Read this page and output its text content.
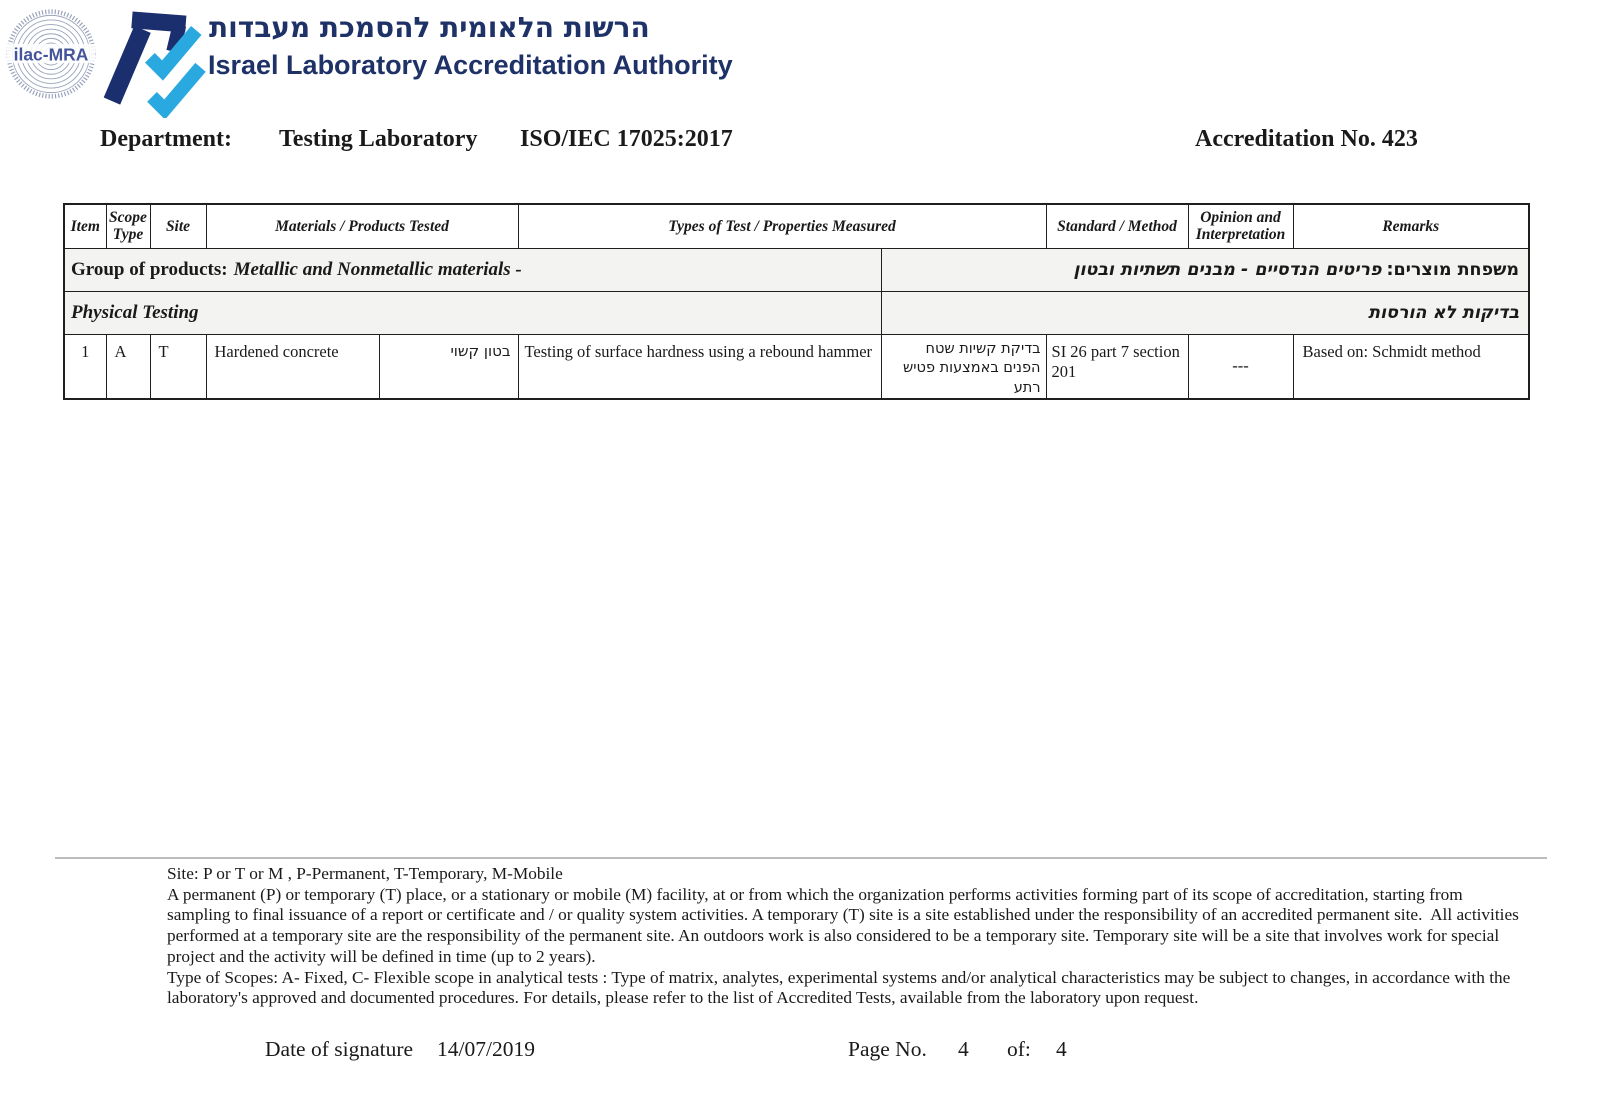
ilac-MRA
הרשות הלאומית להסמכת מעבדות
Israel Laboratory Accreditation Authority
Department: Testing Laboratory ISO/IEC 17025:2017	Accreditation No. 423
Item	Scope Type	Site	Materials / Products Tested		Types of Test / Properties Measured		Standard / Method	Opinion and Interpretation	Remarks
Group of products: Metallic and Nonmetallic materials -						משפחת מוצרים:פריטים הנדסיים - מבנים תשתיות ובטון			
Physical Testing						בדיקות לא הורסות			
1	A	T	Hardened concrete	בטון קשוי	Testing of surface hardness using a rebound hammer	בדיקת קשיות שטח הפנים באמצעות פטיש רתע	SI 26 part 7 section 201	---	Based on: Schmidt method
Site: P or T or M , P-Permanent, T-Temporary, M-Mobile
A permanent (P) or temporary (T) place, or a stationary or mobile (M) facility, at or from which the organization performs activities forming part of its scope of accreditation, starting from
sampling to final issuance of a report or certificate and / or quality system activities. A temporary (T) site is a site established under the responsibility of an accredited permanent site.  All activities
performed at a temporary site are the responsibility of the permanent site. An outdoors work is also considered to be a temporary site. Temporary site will be a site that involves work for special
project and the activity will be defined in time (up to 2 years).
Type of Scopes: A- Fixed, C- Flexible scope in analytical tests : Type of matrix, analytes, experimental systems and/or analytical characteristics may be subject to changes, in accordance with the
laboratory's approved and documented procedures. For details, please refer to the list of Accredited Tests, available from the laboratory upon request.
Date of signature 14/07/2019	Page No. 4 of: 4
